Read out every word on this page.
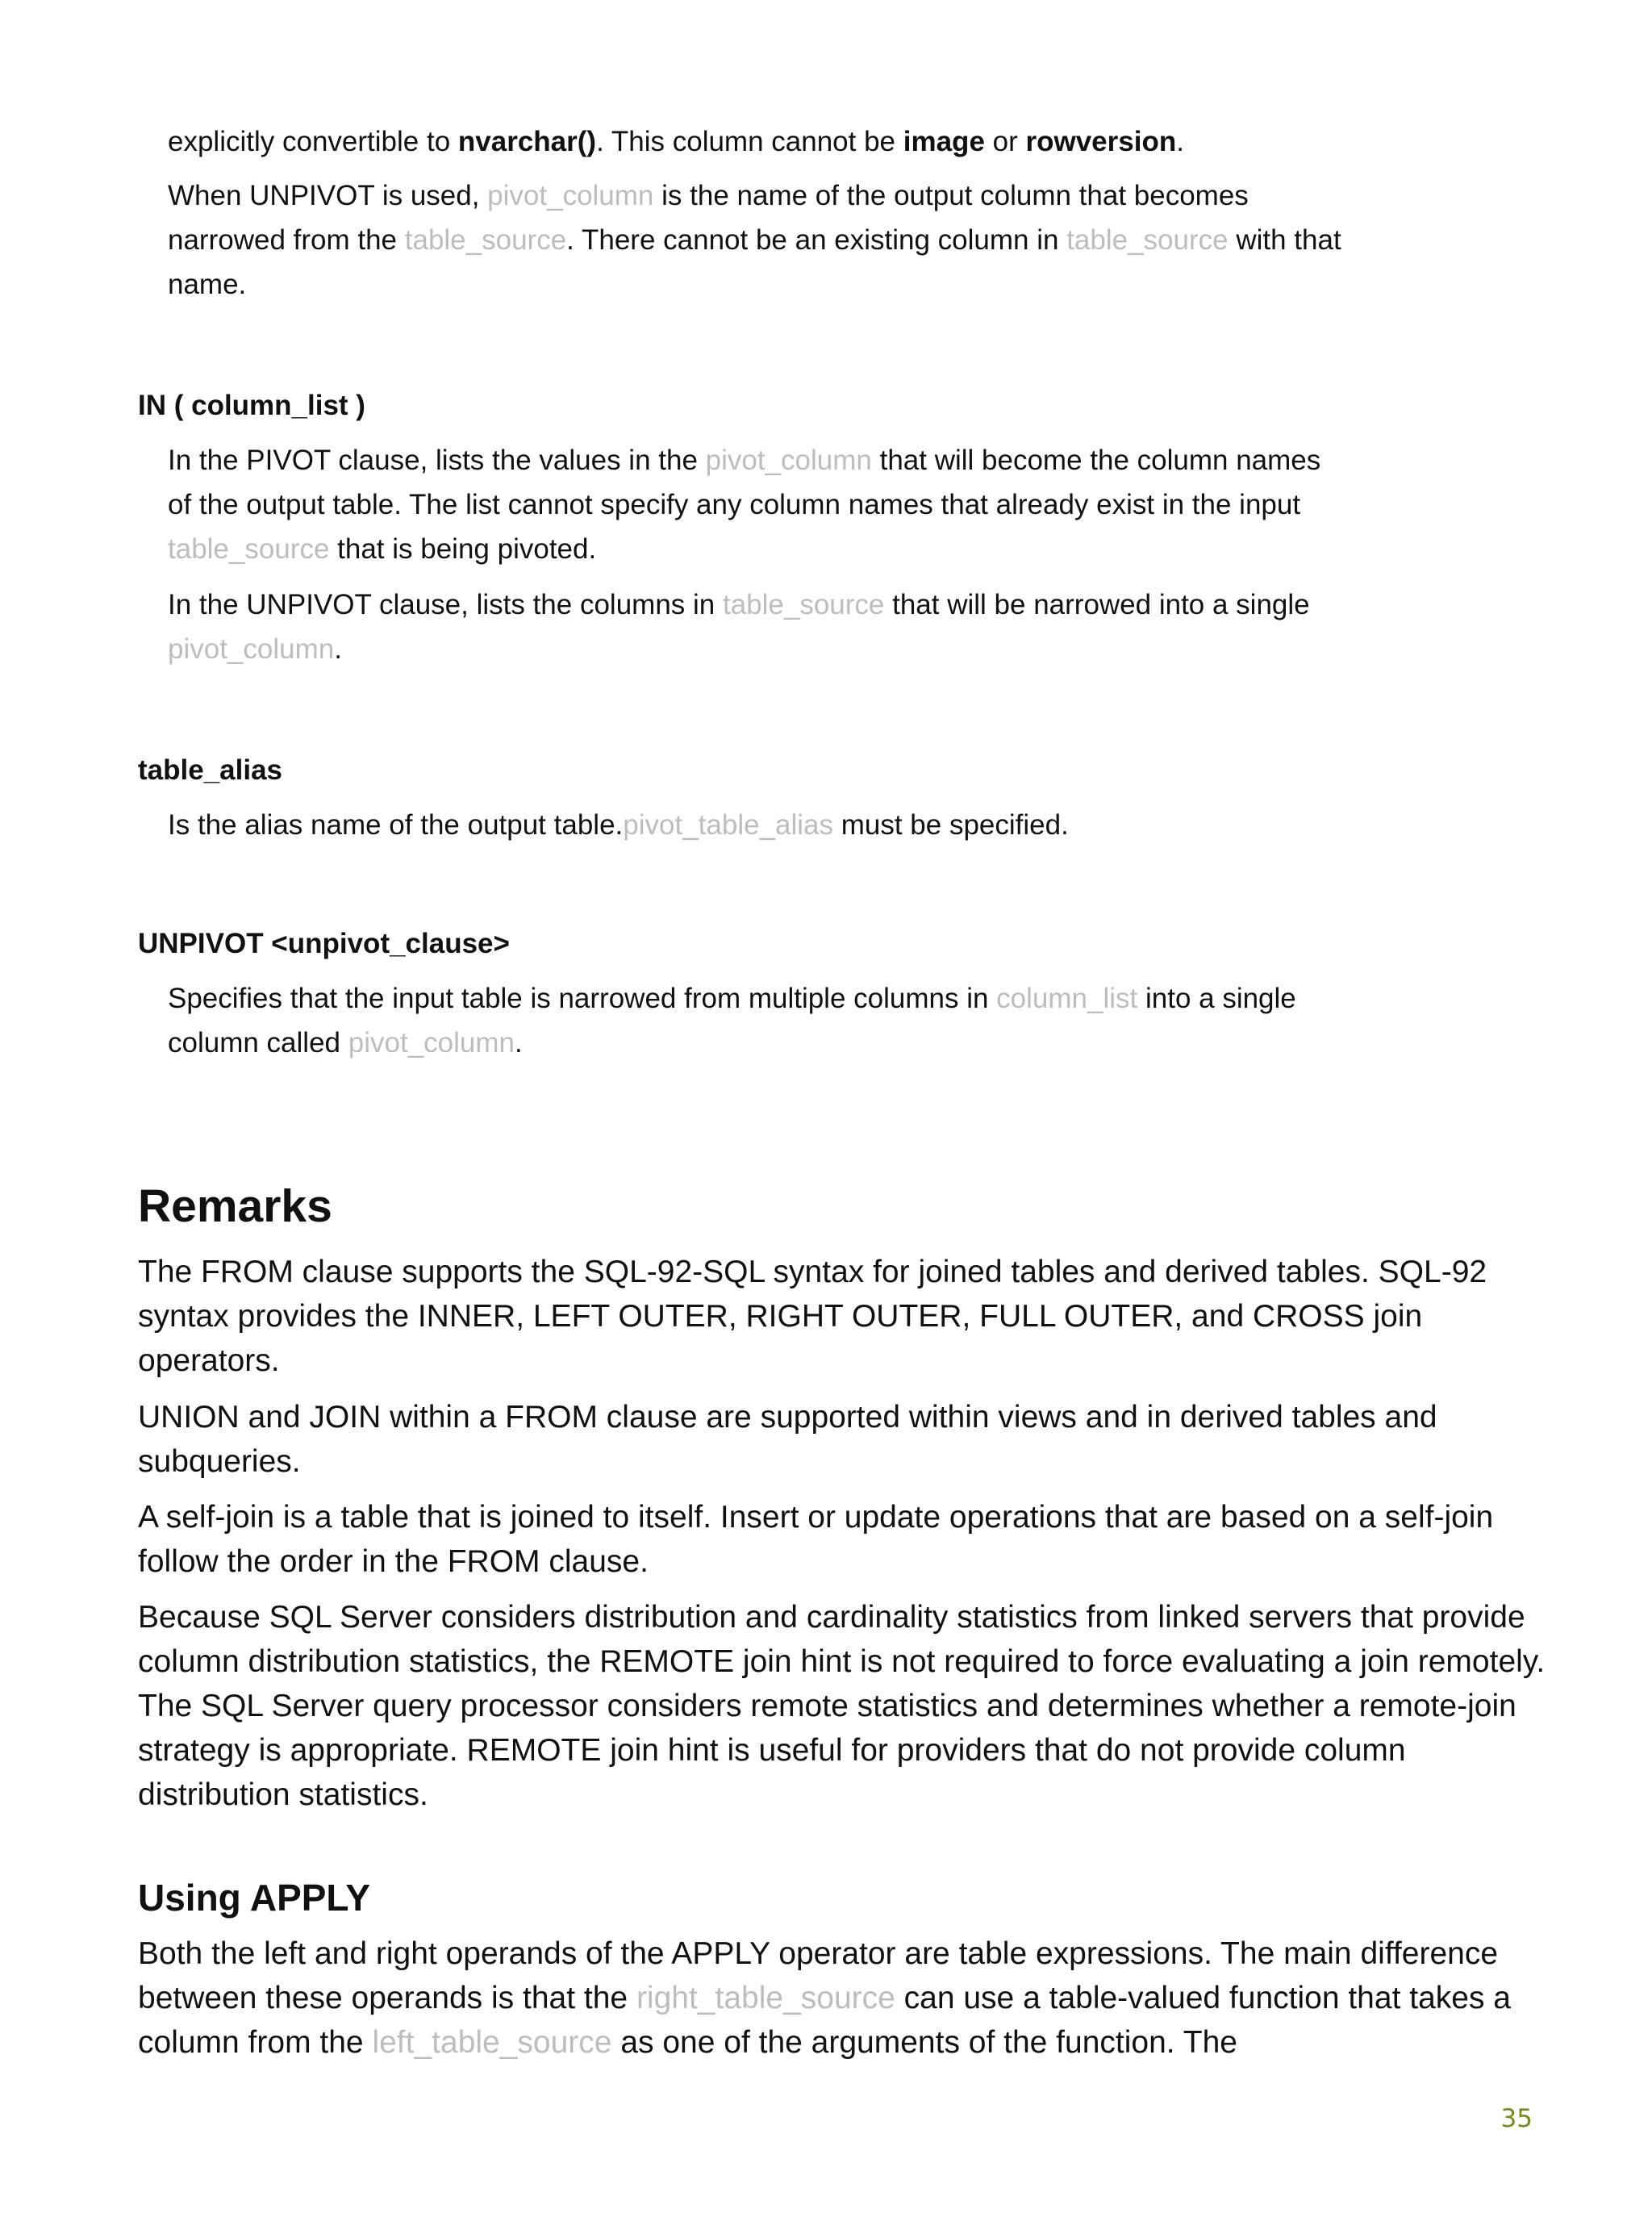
explicitly convertible to nvarchar(). This column cannot be image or rowversion.

When UNPIVOT is used, pivot_column is the name of the output column that becomes narrowed from the table_source. There cannot be an existing column in table_source with that name.

IN ( column_list )

In the PIVOT clause, lists the values in the pivot_column that will become the column names of the output table. The list cannot specify any column names that already exist in the input table_source that is being pivoted.

In the UNPIVOT clause, lists the columns in table_source that will be narrowed into a single pivot_column.

table_alias

Is the alias name of the output table.pivot_table_alias must be specified.

UNPIVOT <unpivot_clause>

Specifies that the input table is narrowed from multiple columns in column_list into a single column called pivot_column.

Remarks

The FROM clause supports the SQL-92-SQL syntax for joined tables and derived tables. SQL-92 syntax provides the INNER, LEFT OUTER, RIGHT OUTER, FULL OUTER, and CROSS join operators.

UNION and JOIN within a FROM clause are supported within views and in derived tables and subqueries.

A self-join is a table that is joined to itself. Insert or update operations that are based on a self-join follow the order in the FROM clause.

Because SQL Server considers distribution and cardinality statistics from linked servers that provide column distribution statistics, the REMOTE join hint is not required to force evaluating a join remotely. The SQL Server query processor considers remote statistics and determines whether a remote-join strategy is appropriate. REMOTE join hint is useful for providers that do not provide column distribution statistics.

Using APPLY

Both the left and right operands of the APPLY operator are table expressions. The main difference between these operands is that the right_table_source can use a table-valued function that takes a column from the left_table_source as one of the arguments of the function. The

35
